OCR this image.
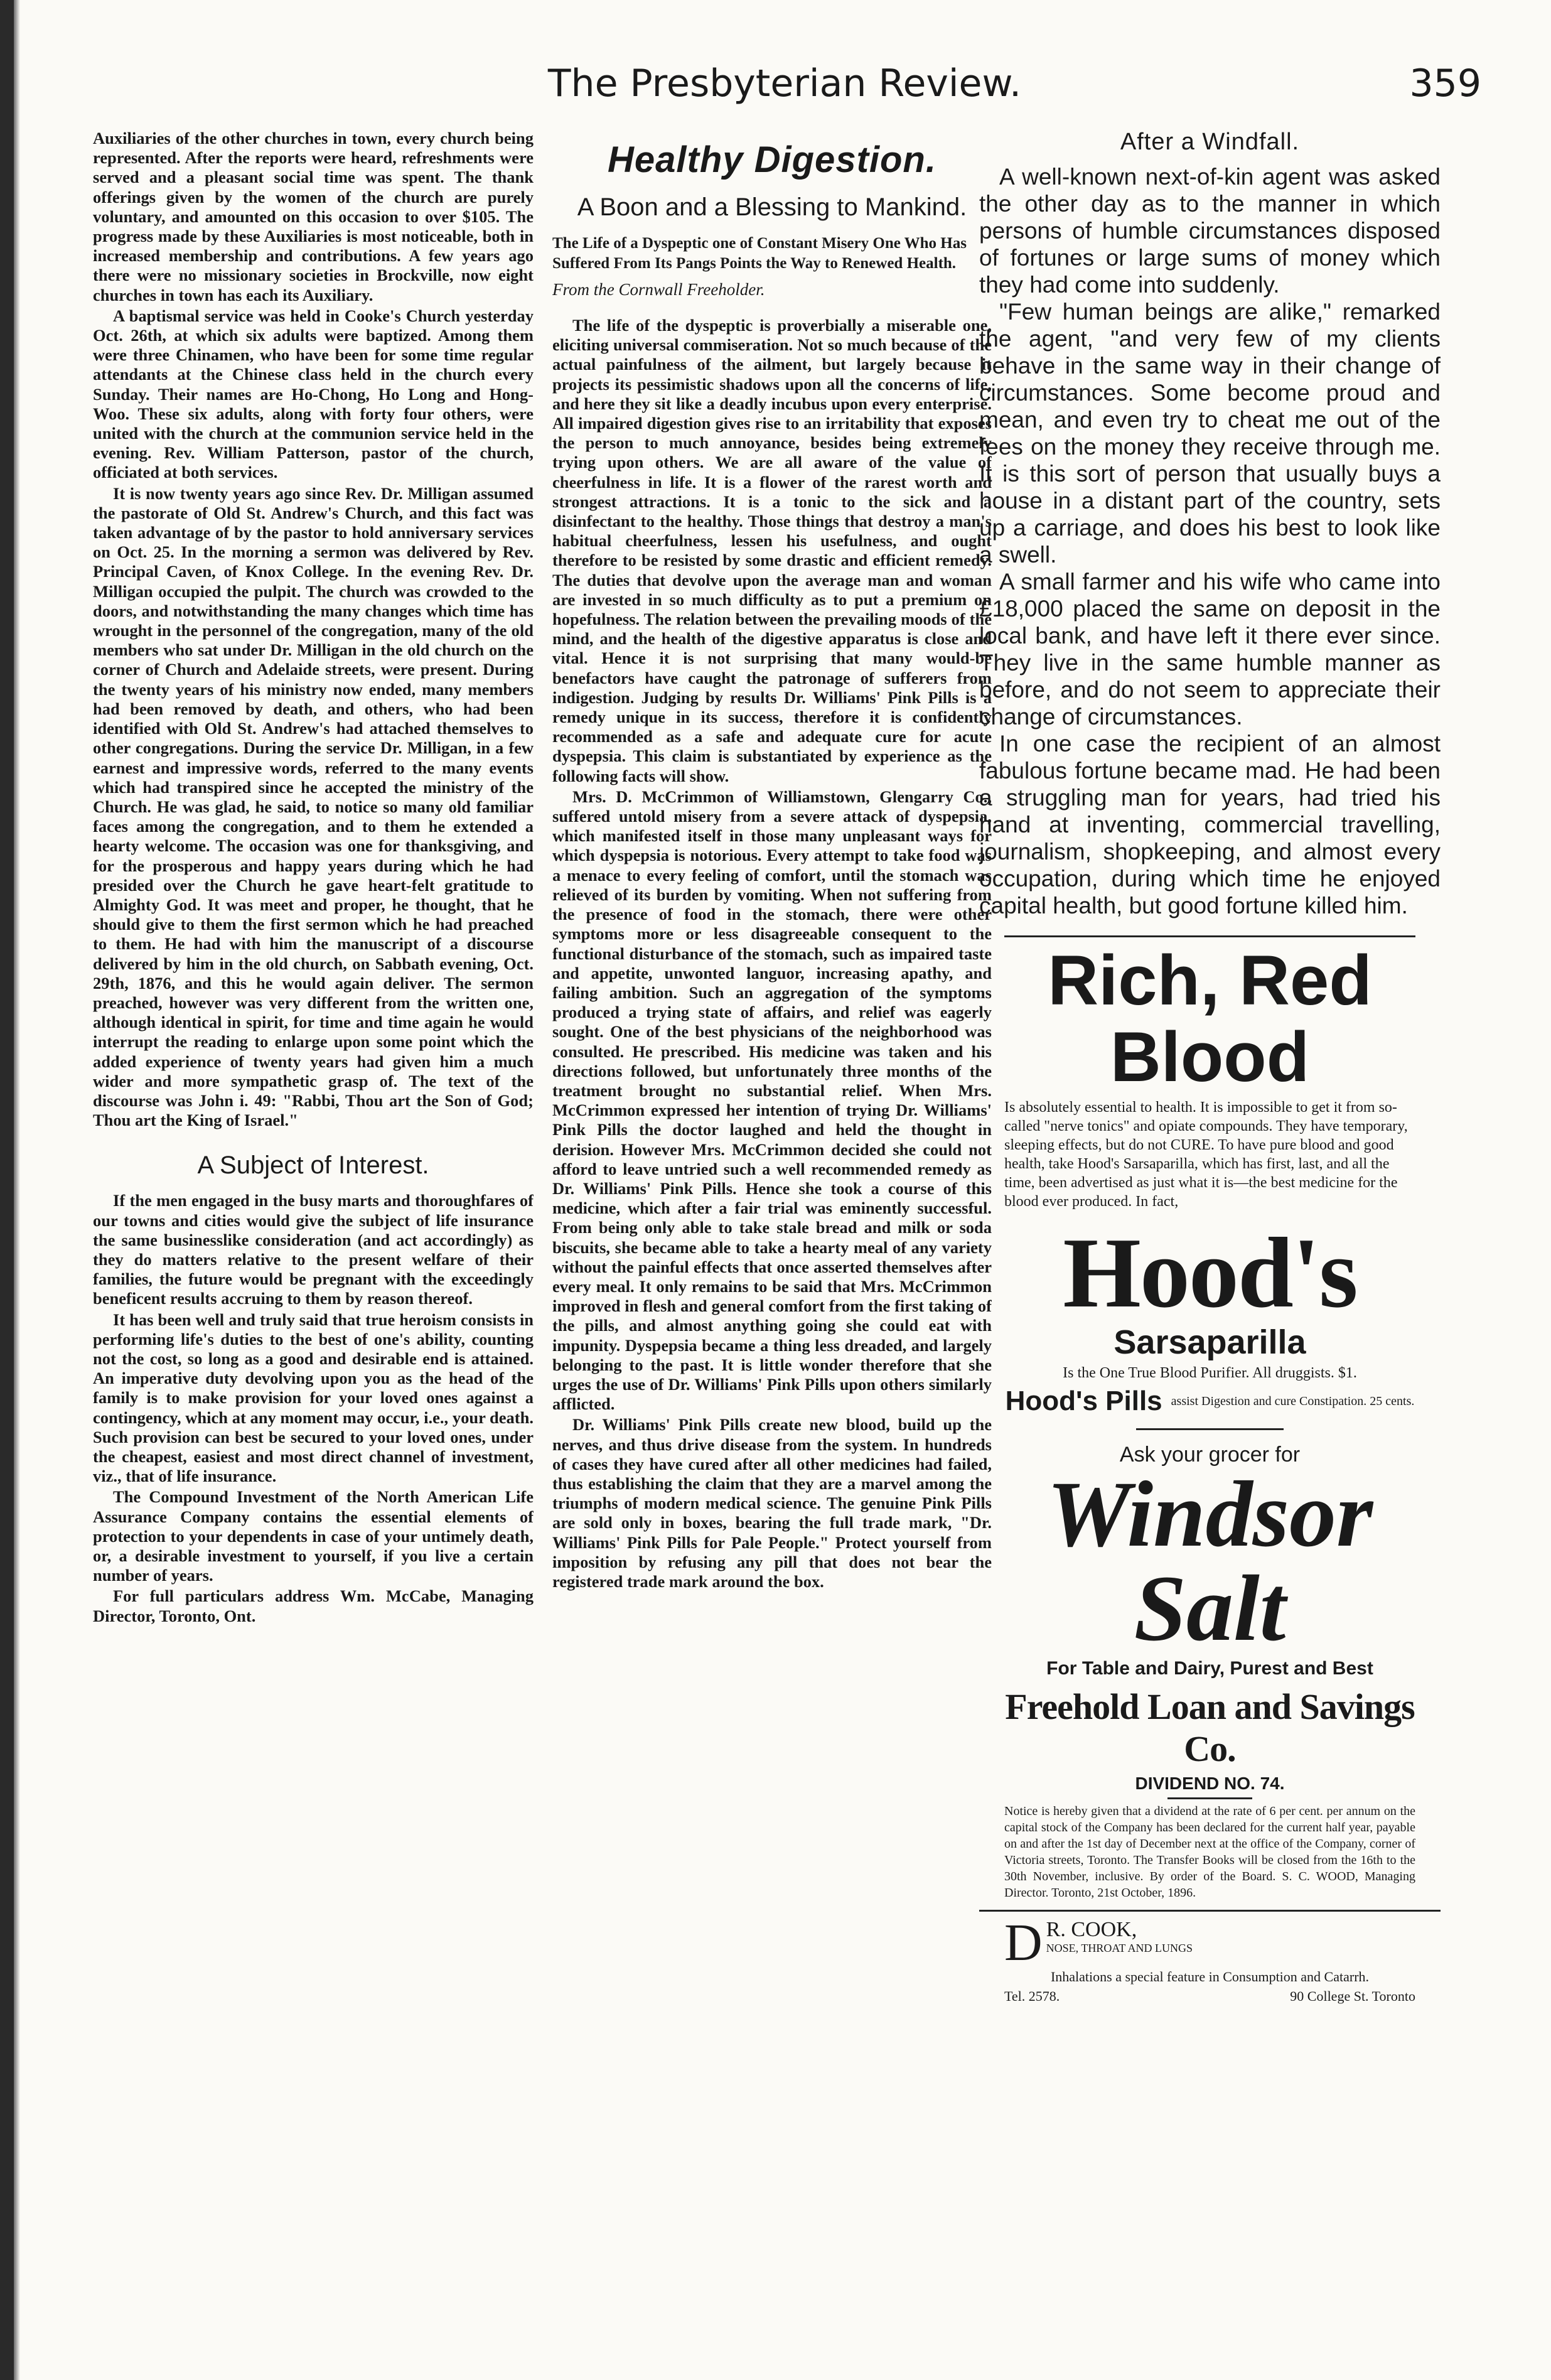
The Presbyterian Review.	359

Auxiliaries of the other churches in town, every church being represented. After the reports were heard, refreshments were served and a pleasant social time was spent. The thank offerings given by the women of the church are purely voluntary, and amounted on this occasion to over $105. The progress made by these Auxiliaries is most noticeable, both in increased membership and contributions. A few years ago there were no missionary societies in Brockville, now eight churches in town has each its Auxiliary.

A baptismal service was held in Cooke's Church yesterday Oct. 26th, at which six adults were baptized. Among them were three Chinamen, who have been for some time regular attendants at the Chinese class held in the church every Sunday. Their names are Ho-Chong, Ho Long and Hong-Woo. These six adults, along with forty four others, were united with the church at the communion service held in the evening. Rev. William Patterson, pastor of the church, officiated at both services.

It is now twenty years ago since Rev. Dr. Milligan assumed the pastorate of Old St. Andrew's Church, and this fact was taken advantage of by the pastor to hold anniversary services on Oct. 25. In the morning a sermon was delivered by Rev. Principal Caven, of Knox College. In the evening Rev. Dr. Milligan occupied the pulpit. The church was crowded to the doors, and notwithstanding the many changes which time has wrought in the personnel of the congregation, many of the old members who sat under Dr. Milligan in the old church on the corner of Church and Adelaide streets, were present. During the twenty years of his ministry now ended, many members had been removed by death, and others, who had been identified with Old St. Andrew's had attached themselves to other congregations. During the service Dr. Milligan, in a few earnest and impressive words, referred to the many events which had transpired since he accepted the ministry of the Church. He was glad, he said, to notice so many old familiar faces among the congregation, and to them he extended a hearty welcome. The occasion was one for thanksgiving, and for the prosperous and happy years during which he had presided over the Church he gave heart-felt gratitude to Almighty God. It was meet and proper, he thought, that he should give to them the first sermon which he had preached to them. He had with him the manuscript of a discourse delivered by him in the old church, on Sabbath evening, Oct. 29th, 1876, and this he would again deliver. The sermon preached, however was very different from the written one, although identical in spirit, for time and time again he would interrupt the reading to enlarge upon some point which the added experience of twenty years had given him a much wider and more sympathetic grasp of. The text of the discourse was John i. 49: "Rabbi, Thou art the Son of God; Thou art the King of Israel."

A Subject of Interest.

If the men engaged in the busy marts and thoroughfares of our towns and cities would give the subject of life insurance the same businesslike consideration (and act accordingly) as they do matters relative to the present welfare of their families, the future would be pregnant with the exceedingly beneficent results accruing to them by reason thereof.

It has been well and truly said that true heroism consists in performing life's duties to the best of one's ability, counting not the cost, so long as a good and desirable end is attained. An imperative duty devolving upon you as the head of the family is to make provision for your loved ones against a contingency, which at any moment may occur, i.e., your death. Such provision can best be secured to your loved ones, under the cheapest, easiest and most direct channel of investment, viz., that of life insurance.

The Compound Investment of the North American Life Assurance Company contains the essential elements of protection to your dependents in case of your untimely death, or, a desirable investment to yourself, if you live a certain number of years.

For full particulars address Wm. McCabe, Managing Director, Toronto, Ont.

Healthy Digestion.
A Boon and a Blessing to Mankind.
The Life of a Dyspeptic one of Constant Misery One Who Has Suffered From Its Pangs Points the Way to Renewed Health.
From the Cornwall Freeholder.

The life of the dyspeptic is proverbially a miserable one, eliciting universal commiseration. Not so much because of the actual painfulness of the ailment, but largely because it projects its pessimistic shadows upon all the concerns of life, and here they sit like a deadly incubus upon every enterprise. All impaired digestion gives rise to an irritability that exposes the person to much annoyance, besides being extremely trying upon others. We are all aware of the value of cheerfulness in life. It is a flower of the rarest worth and strongest attractions. It is a tonic to the sick and a disinfectant to the healthy. Those things that destroy a man's habitual cheerfulness, lessen his usefulness, and ought therefore to be resisted by some drastic and efficient remedy. The duties that devolve upon the average man and woman are invested in so much difficulty as to put a premium on hopefulness. The relation between the prevailing moods of the mind, and the health of the digestive apparatus is close and vital. Hence it is not surprising that many would-be benefactors have caught the patronage of sufferers from indigestion. Judging by results Dr. Williams' Pink Pills is a remedy unique in its success, therefore it is confidently recommended as a safe and adequate cure for acute dyspepsia. This claim is substantiated by experience as the following facts will show.

Mrs. D. McCrimmon of Williamstown, Glengarry Co., suffered untold misery from a severe attack of dyspepsia, which manifested itself in those many unpleasant ways for which dyspepsia is notorious. Every attempt to take food was a menace to every feeling of comfort, until the stomach was relieved of its burden by vomiting. When not suffering from the presence of food in the stomach, there were other symptoms more or less disagreeable consequent to the functional disturbance of the stomach, such as impaired taste and appetite, unwonted languor, increasing apathy, and failing ambition. Such an aggregation of the symptoms produced a trying state of affairs, and relief was eagerly sought. One of the best physicians of the neighborhood was consulted. He prescribed. His medicine was taken and his directions followed, but unfortunately three months of the treatment brought no substantial relief. When Mrs. McCrimmon expressed her intention of trying Dr. Williams' Pink Pills the doctor laughed and held the thought in derision. However Mrs. McCrimmon decided she could not afford to leave untried such a well recommended remedy as Dr. Williams' Pink Pills. Hence she took a course of this medicine, which after a fair trial was eminently successful. From being only able to take stale bread and milk or soda biscuits, she became able to take a hearty meal of any variety without the painful effects that once asserted themselves after every meal. It only remains to be said that Mrs. McCrimmon improved in flesh and general comfort from the first taking of the pills, and almost anything going she could eat with impunity. Dyspepsia became a thing less dreaded, and largely belonging to the past. It is little wonder therefore that she urges the use of Dr. Williams' Pink Pills upon others similarly afflicted.

Dr. Williams' Pink Pills create new blood, build up the nerves, and thus drive disease from the system. In hundreds of cases they have cured after all other medicines had failed, thus establishing the claim that they are a marvel among the triumphs of modern medical science. The genuine Pink Pills are sold only in boxes, bearing the full trade mark, "Dr. Williams' Pink Pills for Pale People." Protect yourself from imposition by refusing any pill that does not bear the registered trade mark around the box.

After a Windfall.

A well-known next-of-kin agent was asked the other day as to the manner in which persons of humble circumstances disposed of fortunes or large sums of money which they had come into suddenly.

"Few human beings are alike," remarked the agent, "and very few of my clients behave in the same way in their change of circumstances. Some become proud and mean, and even try to cheat me out of the fees on the money they receive through me. It is this sort of person that usually buys a house in a distant part of the country, sets up a carriage, and does his best to look like a swell.

A small farmer and his wife who came into £18,000 placed the same on deposit in the local bank, and have left it there ever since. They live in the same humble manner as before, and do not seem to appreciate their change of circumstances.

In one case the recipient of an almost fabulous fortune became mad. He had been a struggling man for years, had tried his hand at inventing, commercial travelling, journalism, shopkeeping, and almost every occupation, during which time he enjoyed capital health, but good fortune killed him.

Rich, Red
Blood
Is absolutely essential to health. It is impossible to get it from so-called "nerve tonics" and opiate compounds. They have temporary, sleeping effects, but do not CURE. To have pure blood and good health, take Hood's Sarsaparilla, which has first, last, and all the time, been advertised as just what it is—the best medicine for the blood ever produced. In fact,
Hood's
Sarsaparilla
Is the One True Blood Purifier. All druggists. $1.
Hood's Pills assist Digestion and cure Constipation. 25 cents.
Ask your grocer for
Windsor Salt
For Table and Dairy, Purest and Best
Freehold Loan and Savings Co.
DIVIDEND NO. 74.
Notice is hereby given that a dividend at the rate of 6 per cent. per annum on the capital stock of the Company has been declared for the current half year, payable on and after the 1st day of December next at the office of the Company, corner of Victoria streets, Toronto. The Transfer Books will be closed from the 16th to the 30th November, inclusive. By order of the Board. S. C. WOOD, Managing Director. Toronto, 21st October, 1896.
D R. COOK,
NOSE, THROAT AND LUNGS
Inhalations a special feature in Consumption and Catarrh.
Tel. 2578.	90 College St. Toronto
